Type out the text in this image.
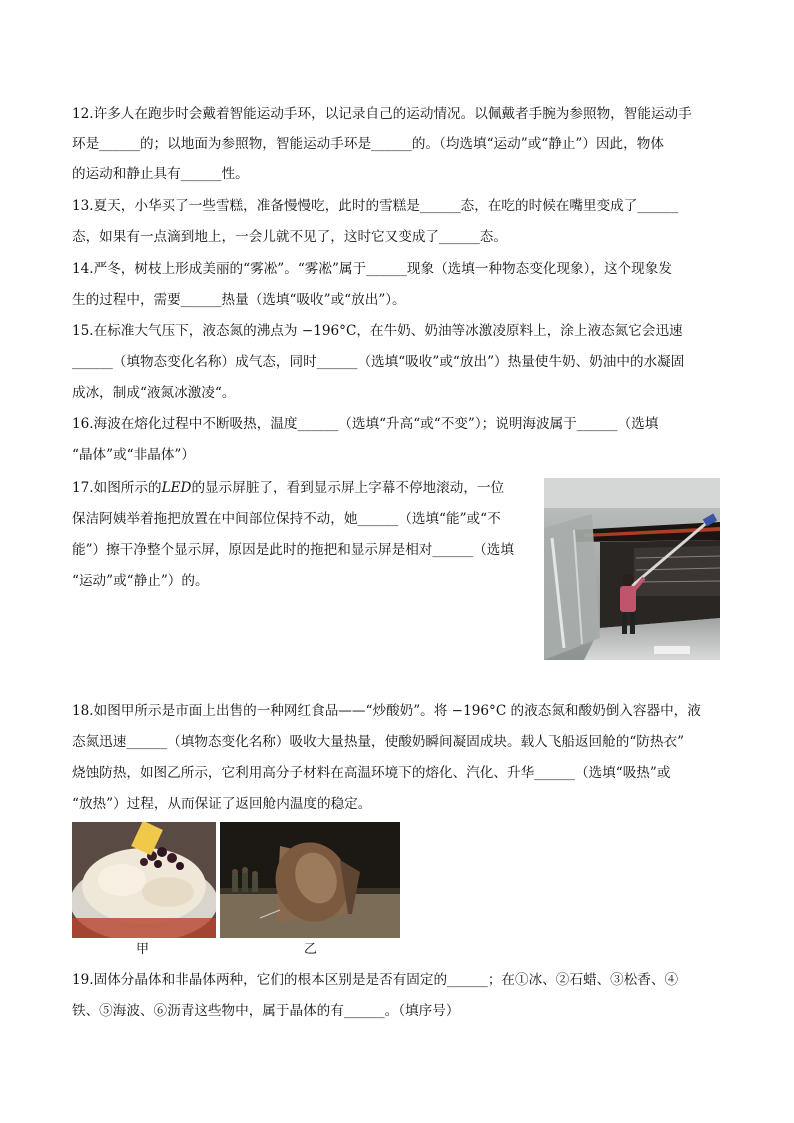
12.许多人在跑步时会戴着智能运动手环，以记录自己的运动情况。以佩戴者手腕为参照物，智能运动手
环是______的；以地面为参照物，智能运动手环是______的。（均选填“运动”或“静止”）因此，物体
的运动和静止具有______性。
13.夏天，小华买了一些雪糕，准备慢慢吃，此时的雪糕是______态，在吃的时候在嘴里变成了______
态，如果有一点滴到地上，一会儿就不见了，这时它又变成了______态。
14.严冬，树枝上形成美丽的“雾凇”。“雾凇”属于______现象（选填一种物态变化现象），这个现象发
生的过程中，需要______热量（选填“吸收”或“放出”）。
15.在标准大气压下，液态氮的沸点为 −196°C，在牛奶、奶油等冰激凌原料上，涂上液态氮它会迅速
______（填物态变化名称）成气态，同时______（选填“吸收”或“放出”）热量使牛奶、奶油中的水凝固
成冰，制成“液氮冰激凌“。
16.海波在熔化过程中不断吸热，温度______（选填“升高“或“不变”）；说明海波属于______（选填
“晶体”或“非晶体”）
17.如图所示的LED的显示屏脏了，看到显示屏上字幕不停地滚动，一位
保洁阿姨举着拖把放置在中间部位保持不动，她______（选填“能”或“不
能”）擦干净整个显示屏，原因是此时的拖把和显示屏是相对______（选填
“运动”或“静止”）的。
18.如图甲所示是市面上出售的一种网红食品——“炒酸奶”。将 −196°C 的液态氮和酸奶倒入容器中，液
态氮迅速______（填物态变化名称）吸收大量热量，使酸奶瞬间凝固成块。载人飞船返回舱的“防热衣”
烧蚀防热，如图乙所示，它利用高分子材料在高温环境下的熔化、汽化、升华______（选填“吸热”或
“放热”）过程，从而保证了返回舱内温度的稳定。
甲	乙
19.固体分晶体和非晶体两种，它们的根本区别是是否有固定的______；在①冰、②石蜡、③松香、④
铁、⑤海波、⑥沥青这些物中，属于晶体的有______。（填序号）
